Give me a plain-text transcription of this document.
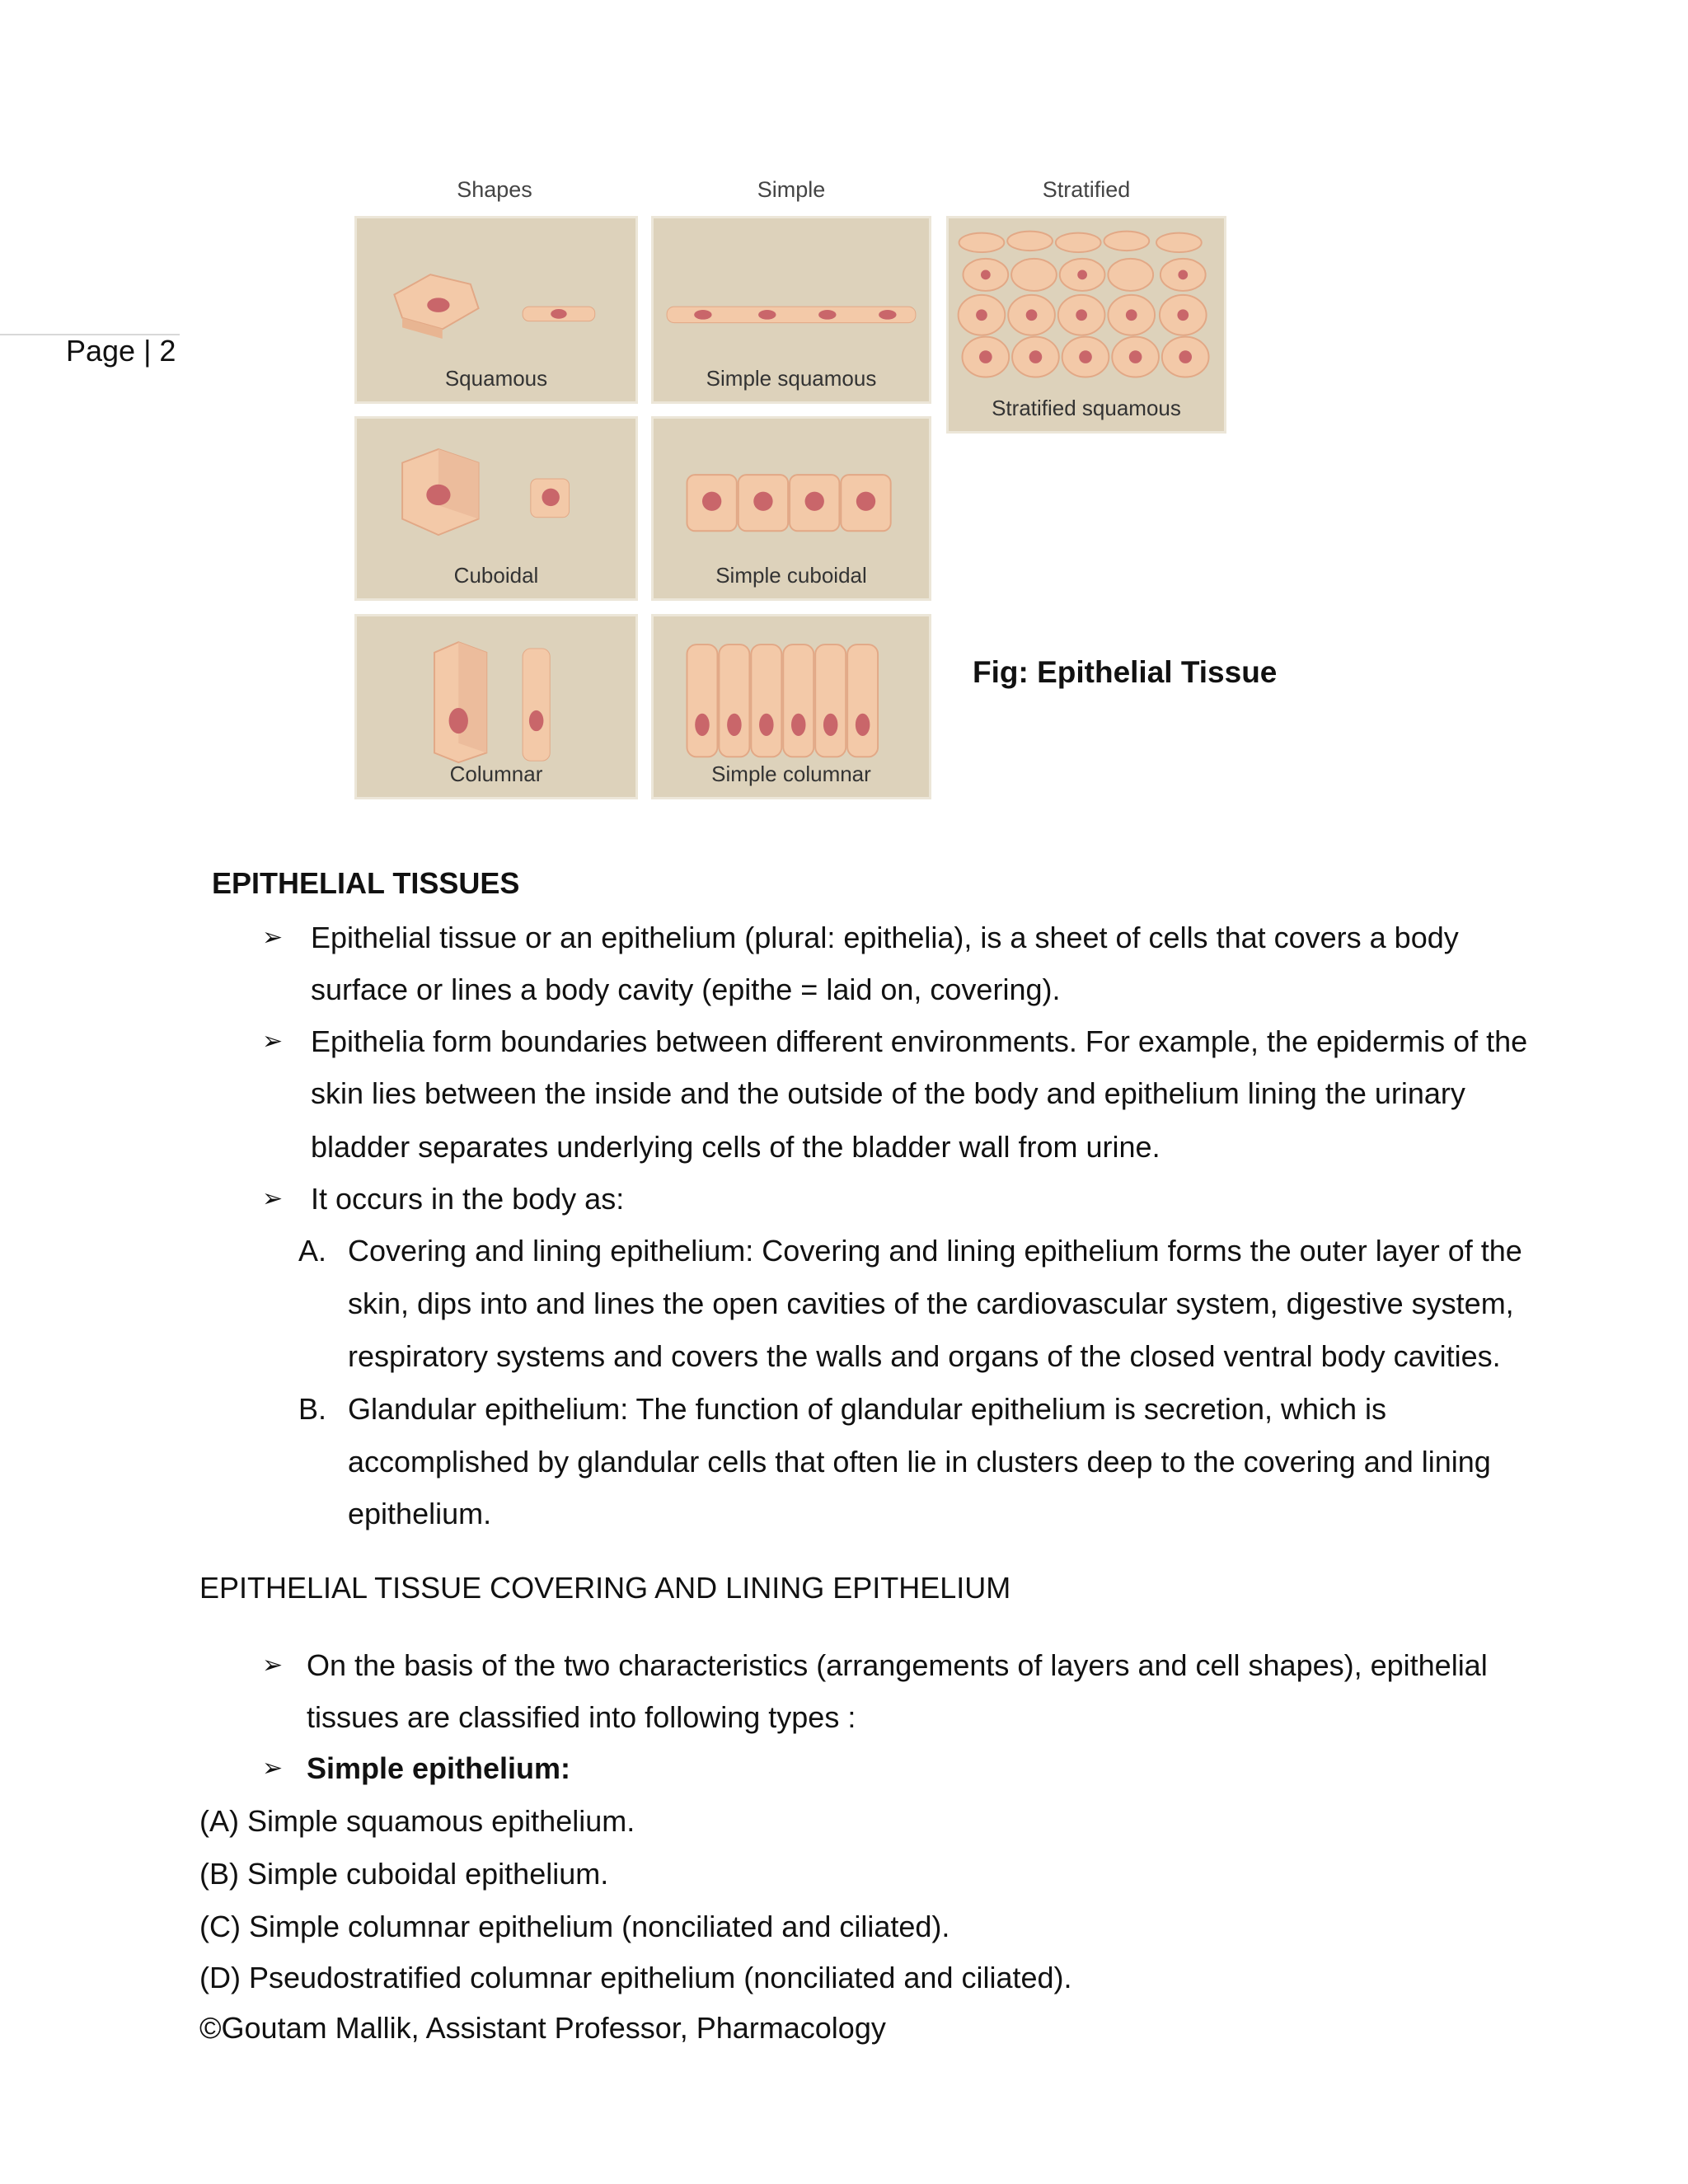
Page | 2
Shapes	Simple	Stratified
Squamous	Simple squamous
Stratified squamous
Cuboidal	Simple cuboidal
Columnar	Simple columnar
Fig: Epithelial Tissue
EPITHELIAL TISSUES
➢ Epithelial tissue or an epithelium (plural: epithelia), is a sheet of cells that covers a body
surface or lines a body cavity (epithe = laid on, covering).
➢ Epithelia form boundaries between different environments. For example, the epidermis of the
skin lies between the inside and the outside of the body and epithelium lining the urinary
bladder separates underlying cells of the bladder wall from urine.
➢ It occurs in the body as:
A. Covering and lining epithelium: Covering and lining epithelium forms the outer layer of the
skin, dips into and lines the open cavities of the cardiovascular system, digestive system,
respiratory systems and covers the walls and organs of the closed ventral body cavities.
B. Glandular epithelium: The function of glandular epithelium is secretion, which is
accomplished by glandular cells that often lie in clusters deep to the covering and lining
epithelium.
EPITHELIAL TISSUE COVERING AND LINING EPITHELIUM
➢ On the basis of the two characteristics (arrangements of layers and cell shapes), epithelial
tissues are classified into following types :
➢ Simple epithelium:
(A) Simple squamous epithelium.
(B) Simple cuboidal epithelium.
(C) Simple columnar epithelium (nonciliated and ciliated).
(D) Pseudostratified columnar epithelium (nonciliated and ciliated).
©Goutam Mallik, Assistant Professor, Pharmacology
